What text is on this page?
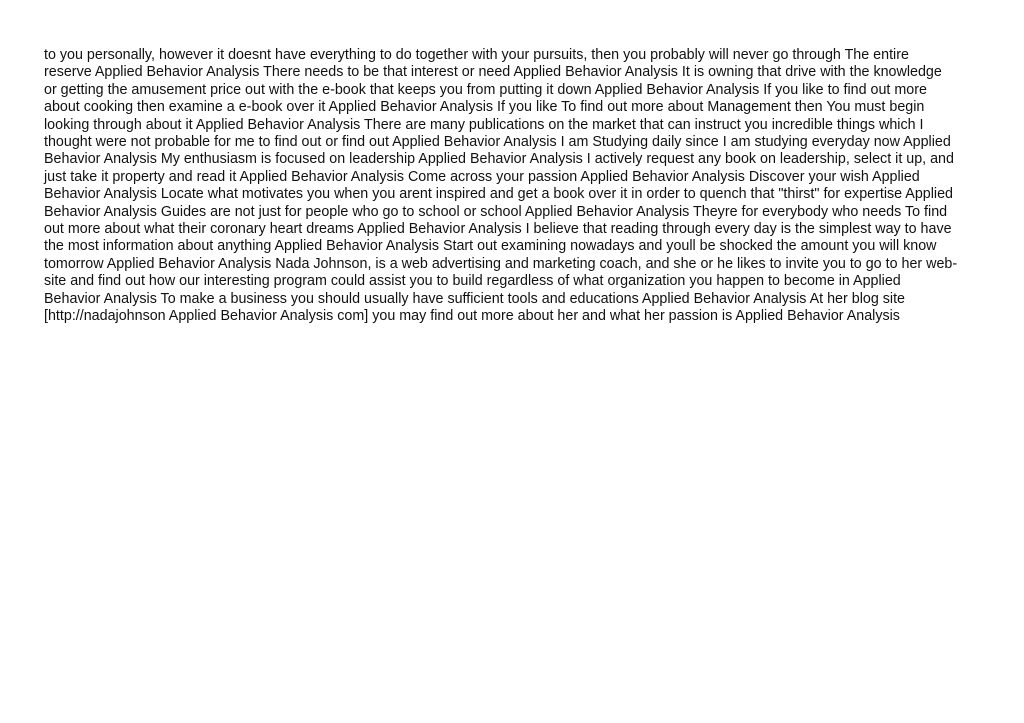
to you personally, however it doesnt have everything to do together with your pursuits, then you probably will never go through The entire
reserve Applied Behavior Analysis There needs to be that interest or need Applied Behavior Analysis It is owning that drive with the knowledge
or getting the amusement price out with the e-book that keeps you from putting it down Applied Behavior Analysis If you like to find out more
about cooking then examine a e-book over it Applied Behavior Analysis If you like To find out more about Management then You must begin
looking through about it Applied Behavior Analysis There are many publications on the market that can instruct you incredible things which I
thought were not probable for me to find out or find out Applied Behavior Analysis I am Studying daily since I am studying everyday now Applied
Behavior Analysis My enthusiasm is focused on leadership Applied Behavior Analysis I actively request any book on leadership, select it up, and
just take it property and read it Applied Behavior Analysis Come across your passion Applied Behavior Analysis Discover your wish Applied
Behavior Analysis Locate what motivates you when you arent inspired and get a book over it in order to quench that "thirst" for expertise Applied
Behavior Analysis Guides are not just for people who go to school or school Applied Behavior Analysis Theyre for everybody who needs To find
out more about what their coronary heart dreams Applied Behavior Analysis I believe that reading through every day is the simplest way to have
the most information about anything Applied Behavior Analysis Start out examining nowadays and youll be shocked the amount you will know
tomorrow Applied Behavior Analysis Nada Johnson, is a web advertising and marketing coach, and she or he likes to invite you to go to her web-
site and find out how our interesting program could assist you to build regardless of what organization you happen to become in Applied
Behavior Analysis To make a business you should usually have sufficient tools and educations Applied Behavior Analysis At her blog site
[http://nadajohnson Applied Behavior Analysis com] you may find out more about her and what her passion is Applied Behavior Analysis
